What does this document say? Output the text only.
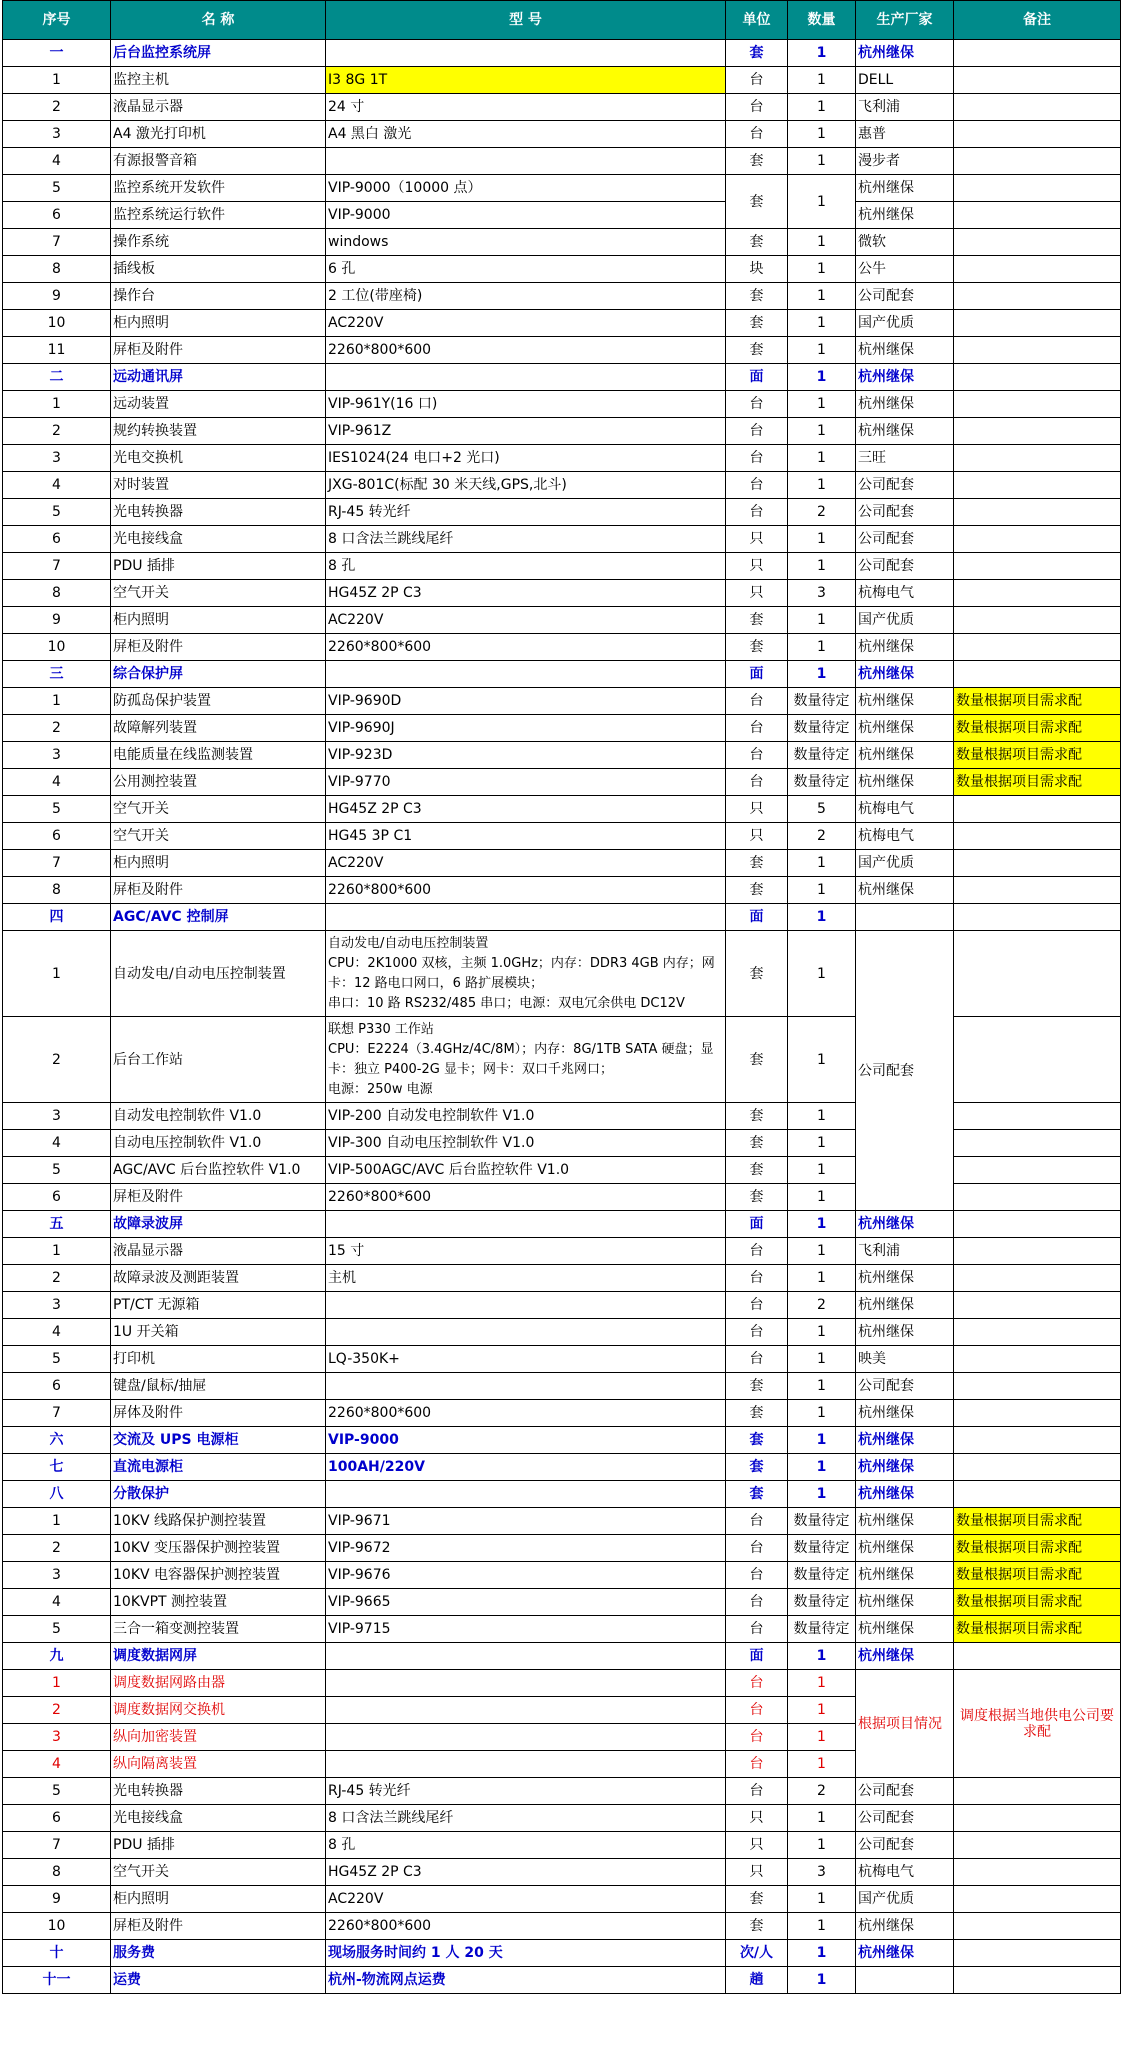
序号	名 称	型 号	单位	数量	生产厂家	备注
一	后台监控系统屏		套	1	杭州继保	
1	监控主机	I3 8G 1T	台	1	DELL	
2	液晶显示器	24 寸	台	1	飞利浦	
3	A4 激光打印机	A4 黑白 激光	台	1	惠普	
4	有源报警音箱		套	1	漫步者	
5	监控系统开发软件	VIP-9000（10000 点）	套	1	杭州继保	
6	监控系统运行软件	VIP-9000			杭州继保	
7	操作系统	windows	套	1	微软	
8	插线板	6 孔	块	1	公牛	
9	操作台	2 工位(带座椅)	套	1	公司配套	
10	柜内照明	AC220V	套	1	国产优质	
11	屏柜及附件	2260*800*600	套	1	杭州继保	
二	远动通讯屏		面	1	杭州继保	
1	远动装置	VIP-961Y(16 口)	台	1	杭州继保	
2	规约转换装置	VIP-961Z	台	1	杭州继保	
3	光电交换机	IES1024(24 电口+2 光口)	台	1	三旺	
4	对时装置	JXG-801C(标配 30 米天线,GPS,北斗)	台	1	公司配套	
5	光电转换器	RJ-45 转光纤	台	2	公司配套	
6	光电接线盒	8 口含法兰跳线尾纤	只	1	公司配套	
7	PDU 插排	8 孔	只	1	公司配套	
8	空气开关	HG45Z 2P C3	只	3	杭梅电气	
9	柜内照明	AC220V	套	1	国产优质	
10	屏柜及附件	2260*800*600	套	1	杭州继保	
三	综合保护屏		面	1	杭州继保	
1	防孤岛保护装置	VIP-9690D	台	数量待定	杭州继保	数量根据项目需求配
2	故障解列装置	VIP-9690J	台	数量待定	杭州继保	数量根据项目需求配
3	电能质量在线监测装置	VIP-923D	台	数量待定	杭州继保	数量根据项目需求配
4	公用测控装置	VIP-9770	台	数量待定	杭州继保	数量根据项目需求配
5	空气开关	HG45Z 2P C3	只	5	杭梅电气	
6	空气开关	HG45 3P C1	只	2	杭梅电气	
7	柜内照明	AC220V	套	1	国产优质	
8	屏柜及附件	2260*800*600	套	1	杭州继保	
四	AGC/AVC 控制屏		面	1		
1	自动发电/自动电压控制装置	自动发电/自动电压控制装置
CPU：2K1000 双核，主频 1.0GHz；内存：DDR3 4GB 内存；网卡：12 路电口网口，6 路扩展模块；
串口：10 路 RS232/485 串口；电源：双电冗余供电 DC12V	套	1	公司配套	
2	后台工作站	联想 P330 工作站
CPU：E2224（3.4GHz/4C/8M）；内存：8G/1TB SATA 硬盘；显卡：独立 P400-2G 显卡；网卡：双口千兆网口；
电源：250w 电源	套	1		
3	自动发电控制软件 V1.0	VIP-200 自动发电控制软件 V1.0	套	1		
4	自动电压控制软件 V1.0	VIP-300 自动电压控制软件 V1.0	套	1		
5	AGC/AVC 后台监控软件 V1.0	VIP-500AGC/AVC 后台监控软件 V1.0	套	1		
6	屏柜及附件	2260*800*600	套	1		
五	故障录波屏		面	1	杭州继保	
1	液晶显示器	15 寸	台	1	飞利浦	
2	故障录波及测距装置	主机	台	1	杭州继保	
3	PT/CT 无源箱		台	2	杭州继保	
4	1U 开关箱		台	1	杭州继保	
5	打印机	LQ-350K+	台	1	映美	
6	键盘/鼠标/抽屉		套	1	公司配套	
7	屏体及附件	2260*800*600	套	1	杭州继保	
六	交流及 UPS 电源柜	VIP-9000	套	1	杭州继保	
七	直流电源柜	100AH/220V	套	1	杭州继保	
八	分散保护		套	1	杭州继保	
1	10KV 线路保护测控装置	VIP-9671	台	数量待定	杭州继保	数量根据项目需求配
2	10KV 变压器保护测控装置	VIP-9672	台	数量待定	杭州继保	数量根据项目需求配
3	10KV 电容器保护测控装置	VIP-9676	台	数量待定	杭州继保	数量根据项目需求配
4	10KVPT 测控装置	VIP-9665	台	数量待定	杭州继保	数量根据项目需求配
5	三合一箱变测控装置	VIP-9715	台	数量待定	杭州继保	数量根据项目需求配
九	调度数据网屏		面	1	杭州继保	
1	调度数据网路由器		台	1	根据项目情况	调度根据当地供电公司要求配
2	调度数据网交换机		台	1		
3	纵向加密装置		台	1		
4	纵向隔离装置		台	1		
5	光电转换器	RJ-45 转光纤	台	2	公司配套	
6	光电接线盒	8 口含法兰跳线尾纤	只	1	公司配套	
7	PDU 插排	8 孔	只	1	公司配套	
8	空气开关	HG45Z 2P C3	只	3	杭梅电气	
9	柜内照明	AC220V	套	1	国产优质	
10	屏柜及附件	2260*800*600	套	1	杭州继保	
十	服务费	现场服务时间约 1 人 20 天	次/人	1	杭州继保	
十一	运费	杭州-物流网点运费	趟	1		
